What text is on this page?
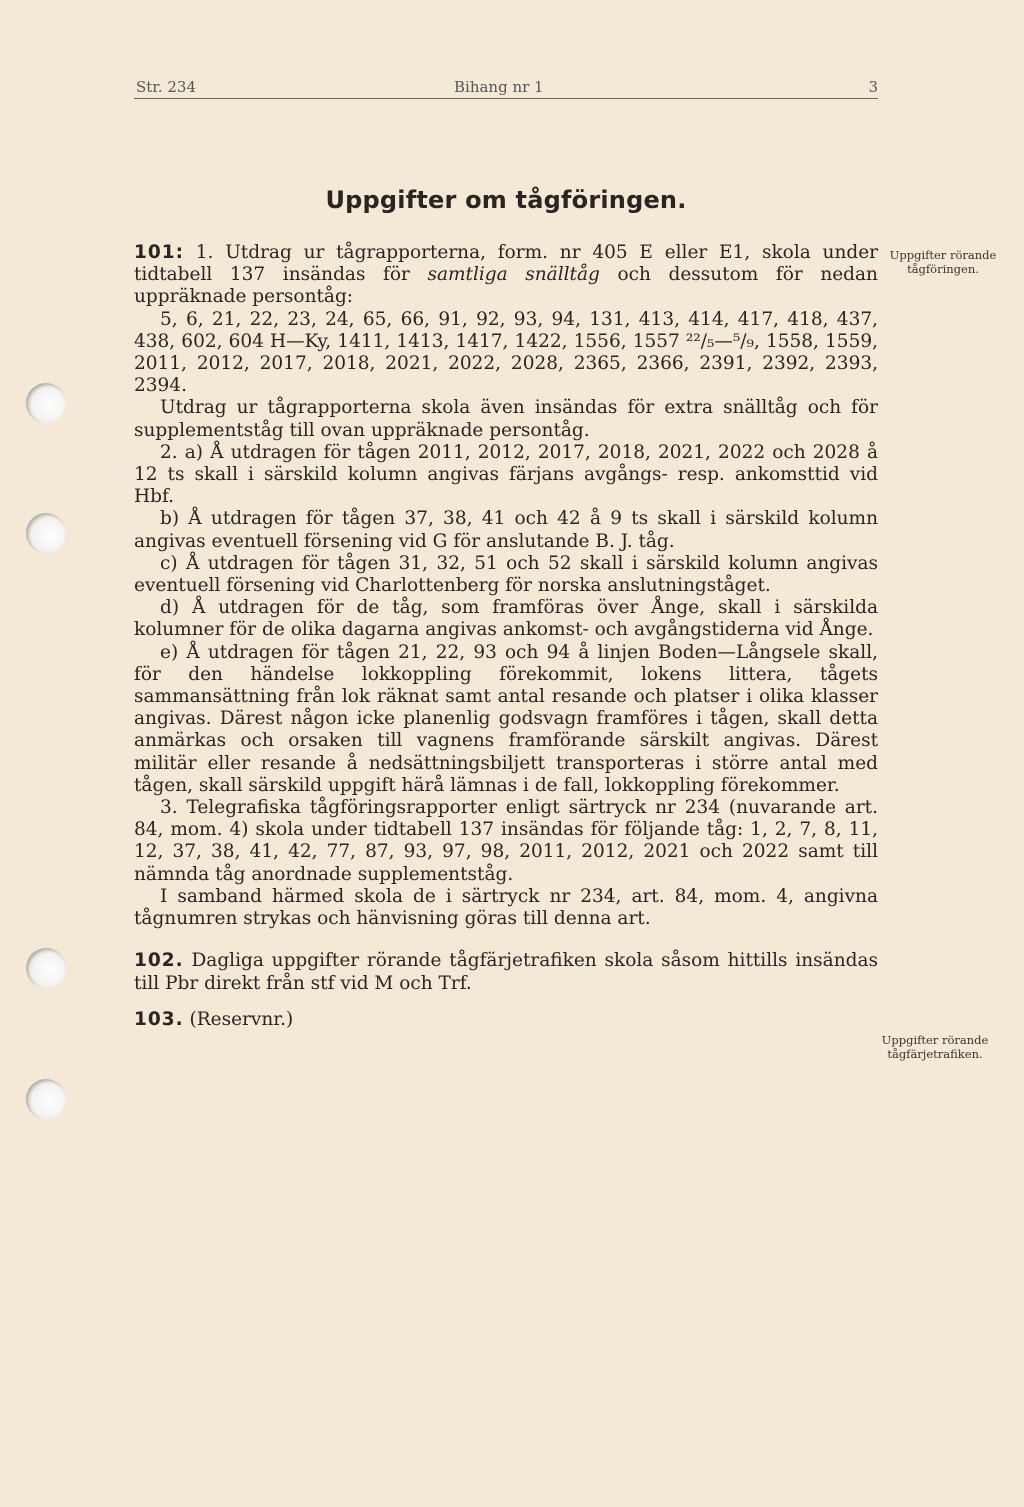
Str. 234	Bihang nr 1	3
Uppgifter om tågföringen.

101: 1. Utdrag ur tågrapporterna, form. nr 405 E eller E1, skola under tidtabell 137 insändas för samtliga snälltåg och dessutom för nedan uppräknade persontåg:

5, 6, 21, 22, 23, 24, 65, 66, 91, 92, 93, 94, 131, 413, 414, 417, 418, 437, 438, 602, 604 H—Ky, 1411, 1413, 1417, 1422, 1556, 1557 ²²/₅—⁵/₉, 1558, 1559, 2011, 2012, 2017, 2018, 2021, 2022, 2028, 2365, 2366, 2391, 2392, 2393, 2394.

Utdrag ur tågrapporterna skola även insändas för extra snälltåg och för supplementståg till ovan uppräknade persontåg.

2. a) Å utdragen för tågen 2011, 2012, 2017, 2018, 2021, 2022 och 2028 å 12 ts skall i särskild kolumn angivas färjans avgångs- resp. ankomsttid vid Hbf.

b) Å utdragen för tågen 37, 38, 41 och 42 å 9 ts skall i särskild kolumn angivas eventuell försening vid G för anslutande B. J. tåg.

c) Å utdragen för tågen 31, 32, 51 och 52 skall i särskild kolumn angivas eventuell försening vid Charlottenberg för norska anslutningståget.

d) Å utdragen för de tåg, som framföras över Ånge, skall i särskilda kolumner för de olika dagarna angivas ankomst- och avgångstiderna vid Ånge.

e) Å utdragen för tågen 21, 22, 93 och 94 å linjen Boden—Långsele skall, för den händelse lokkoppling förekommit, lokens littera, tågets sammansättning från lok räknat samt antal resande och platser i olika klasser angivas. Därest någon icke planenlig godsvagn framföres i tågen, skall detta anmärkas och orsaken till vagnens framförande särskilt angivas. Därest militär eller resande å nedsättningsbiljett transporteras i större antal med tågen, skall särskild uppgift härå lämnas i de fall, lokkoppling förekommer.

3. Telegrafiska tågföringsrapporter enligt särtryck nr 234 (nuvarande art. 84, mom. 4) skola under tidtabell 137 insändas för följande tåg: 1, 2, 7, 8, 11, 12, 37, 38, 41, 42, 77, 87, 93, 97, 98, 2011, 2012, 2021 och 2022 samt till nämnda tåg anordnade supplementståg.

I samband härmed skola de i särtryck nr 234, art. 84, mom. 4, angivna tågnumren strykas och hänvisning göras till denna art.

102. Dagliga uppgifter rörande tågfärjetrafiken skola såsom hittills insändas till Pbr direkt från stf vid M och Trf.

103. (Reservnr.)

Uppgifter rörande tågföringen.
Uppgifter rörande tågfärjetrafiken.
